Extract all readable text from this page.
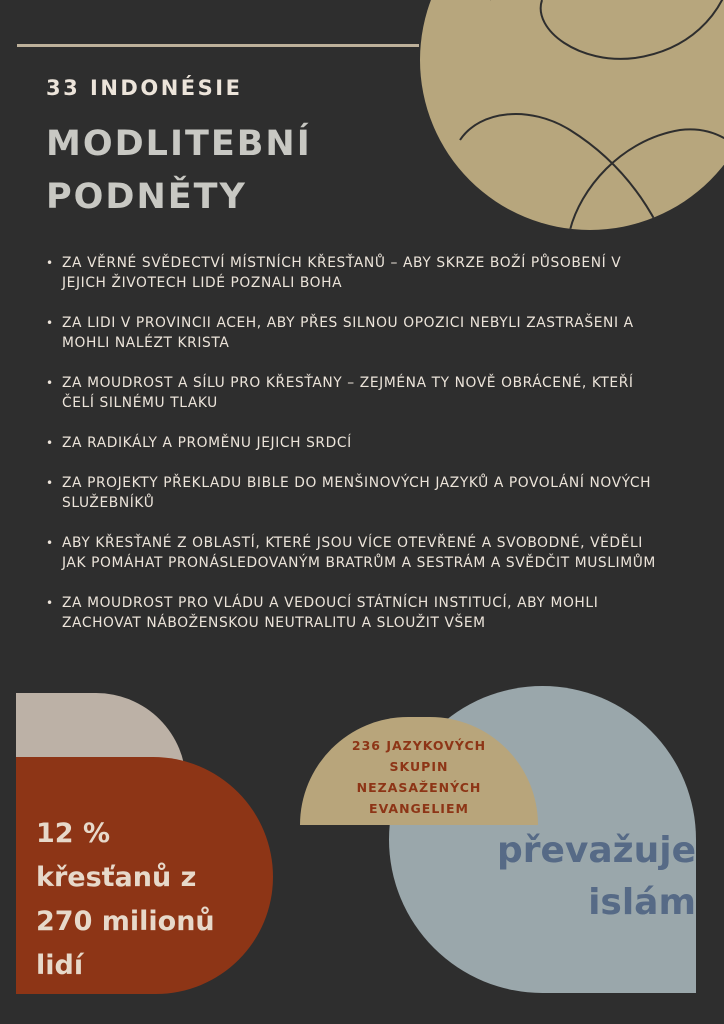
33 INDONÉSIE
MODLITEBNÍ
PODNĚTY
• ZA VĚRNÉ SVĚDECTVÍ MÍSTNÍCH KŘESŤANŮ – ABY SKRZE BOŽÍ PŮSOBENÍ V JEJICH ŽIVOTECH LIDÉ POZNALI BOHA
• ZA LIDI V PROVINCII ACEH, ABY PŘES SILNOU OPOZICI NEBYLI ZASTRAŠENI A MOHLI NALÉZT KRISTA
• ZA MOUDROST A SÍLU PRO KŘESŤANY – ZEJMÉNA TY NOVĚ OBRÁCENÉ, KTEŘÍ ČELÍ SILNÉMU TLAKU
• ZA RADIKÁLY A PROMĚNU JEJICH SRDCÍ
• ZA PROJEKTY PŘEKLADU BIBLE DO MENŠINOVÝCH JAZYKŮ A POVOLÁNÍ NOVÝCH SLUŽEBNÍKŮ
• ABY KŘESŤANÉ Z OBLASTÍ, KTERÉ JSOU VÍCE OTEVŘENÉ A SVOBODNÉ, VĚDĚLI JAK POMÁHAT PRONÁSLEDOVANÝM BRATRŮM A SESTRÁM A SVĚDČIT MUSLIMŮM
• ZA MOUDROST PRO VLÁDU A VEDOUCÍ STÁTNÍCH INSTITUCÍ, ABY MOHLI ZACHOVAT NÁBOŽENSKOU NEUTRALITU A SLOUŽIT VŠEM
12 %
křesťanů z
270 milionů
lidí
236 JAZYKOVÝCH
SKUPIN
NEZASAŽENÝCH
EVANGELIEM
převažuje
islám
